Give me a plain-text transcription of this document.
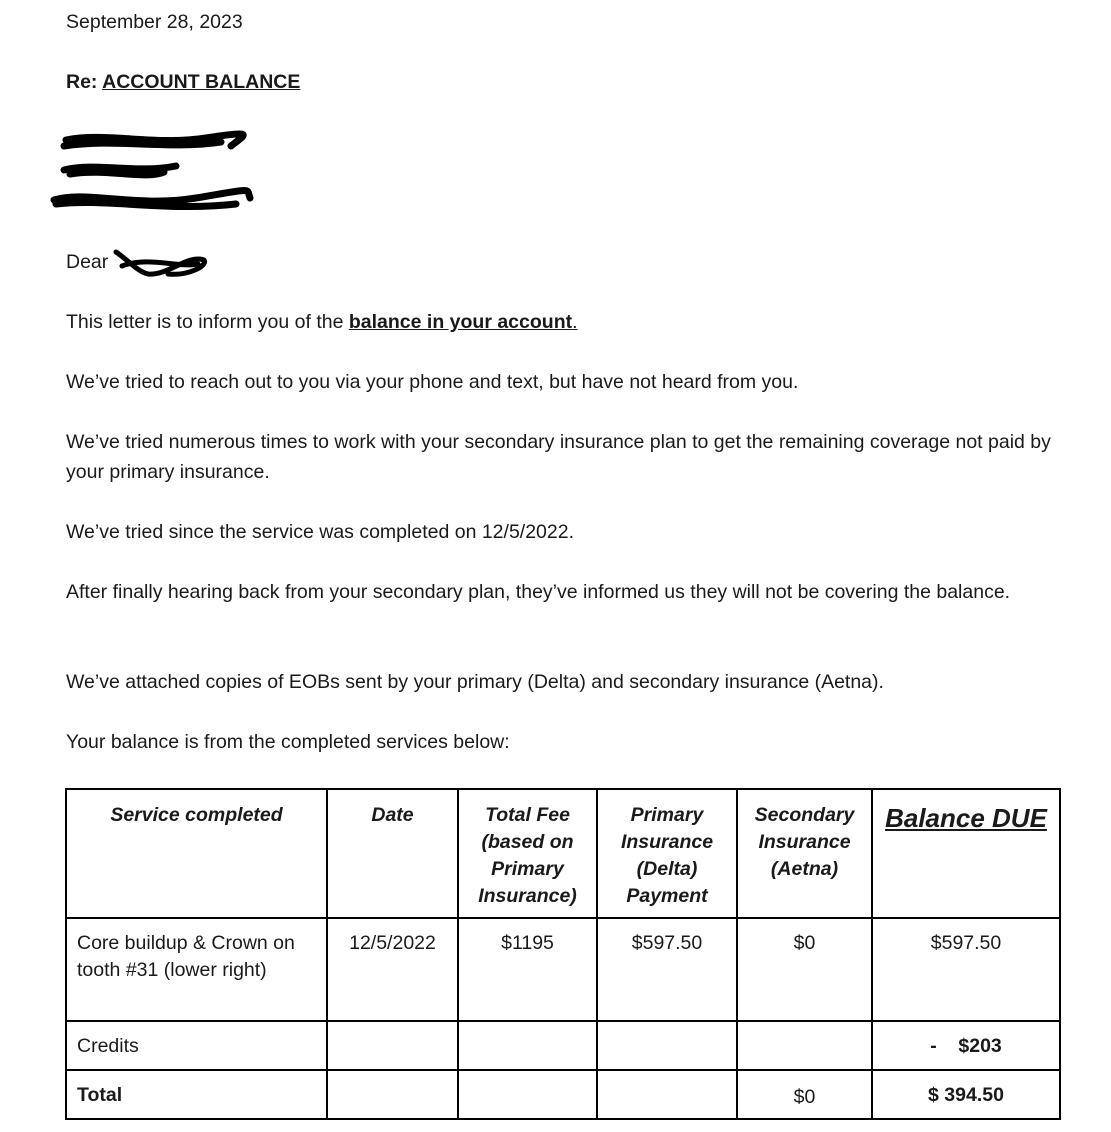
September 28, 2023
Re: ACCOUNT BALANCE
Dear
This letter is to inform you of the balance in your account.
We’ve tried to reach out to you via your phone and text, but have not heard from you.
We’ve tried numerous times to work with your secondary insurance plan to get the remaining coverage not paid by your primary insurance.
We’ve tried since the service was completed on 12/5/2022.
After finally hearing back from your secondary plan, they’ve informed us they will not be covering the balance.
We’ve attached copies of EOBs sent by your primary (Delta) and secondary insurance (Aetna).
Your balance is from the completed services below:
Service completed	Date	Total Fee (based on Primary Insurance)	Primary Insurance (Delta) Payment	Secondary Insurance (Aetna)	Balance DUE
Core buildup & Crown on tooth #31 (lower right)	12/5/2022	$1195	$597.50	$0	$597.50
Credits					-    $203
Total				$0	$ 394.50
